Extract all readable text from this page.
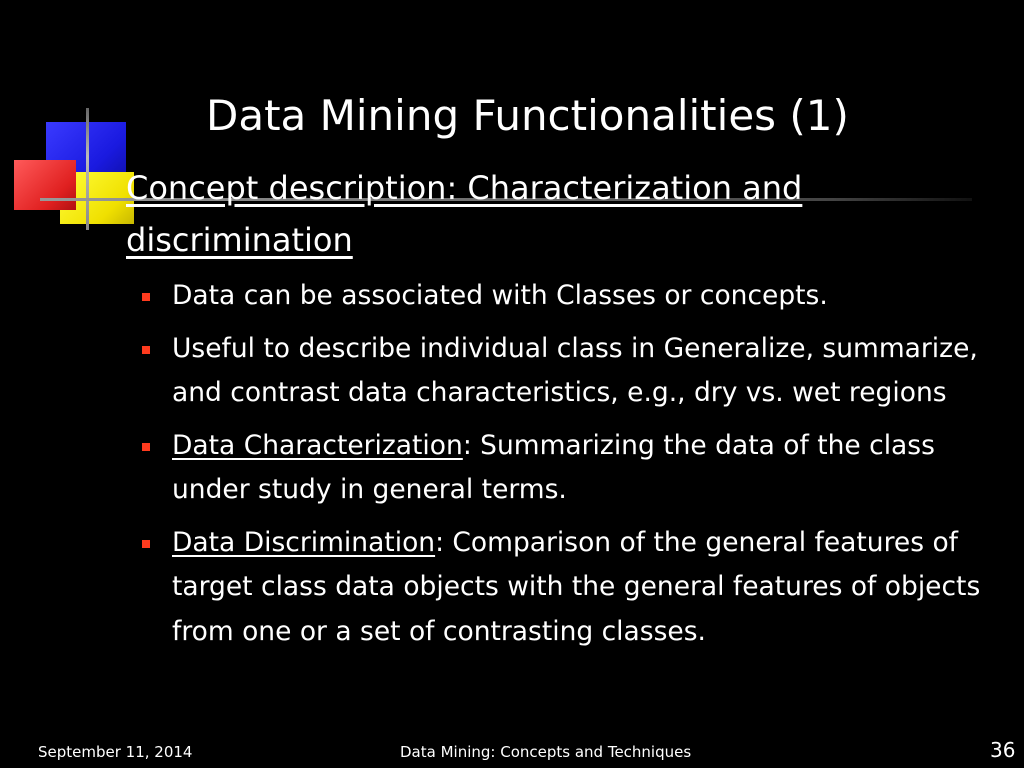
Data Mining Functionalities (1)
Concept description: Characterization and discrimination
Data can be associated with Classes or concepts.
Useful to describe individual class in Generalize, summarize, and contrast data characteristics, e.g., dry vs. wet regions
Data Characterization: Summarizing the data of the class under study in general terms.
Data Discrimination: Comparison of the general features of target class data objects with the general features of objects from one or a set of contrasting classes.
September 11, 2014	Data Mining: Concepts and Techniques	36
